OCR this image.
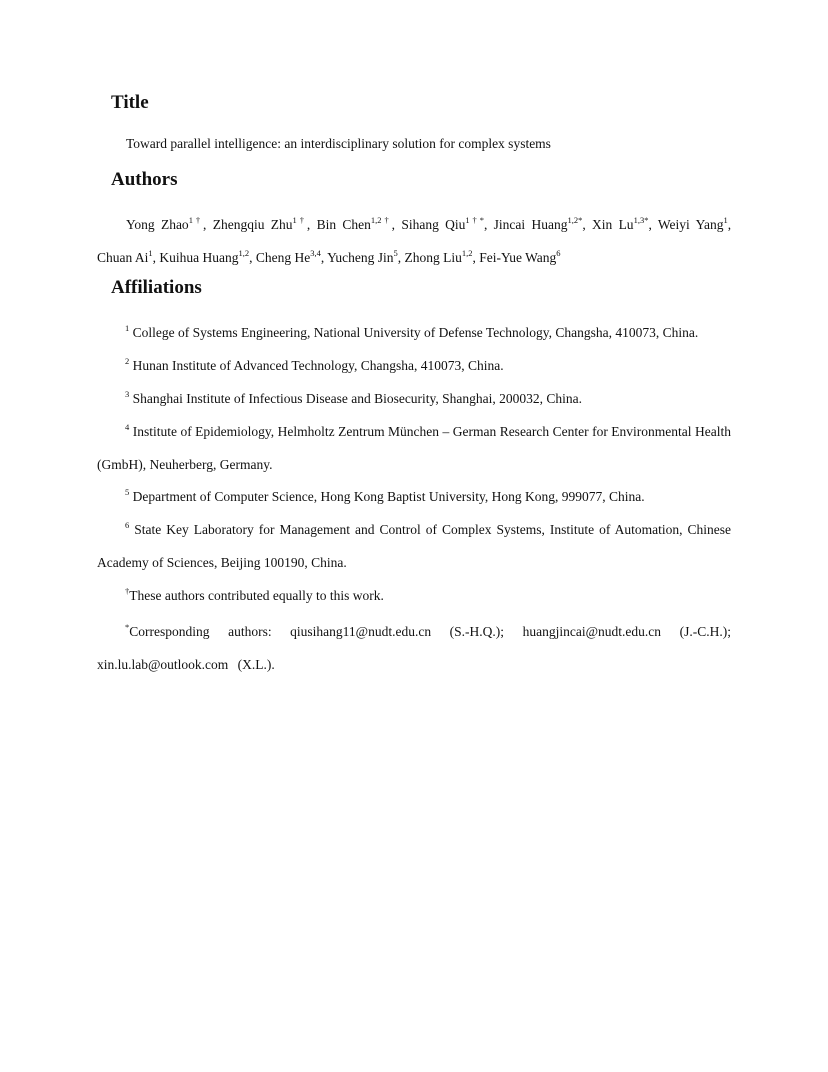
Title

Toward parallel intelligence: an interdisciplinary solution for complex systems

Authors

Yong Zhao$^{1\dagger}$, Zhengqiu Zhu$^{1\dagger}$, Bin Chen$^{1,2\dagger}$, Sihang Qiu$^{1\dagger*}$, Jincai Huang$^{1,2*}$, Xin $Lu^{1,3*}$, Weiyi Yang$^1$, Chuan Ai$^1$, Kuihua Huang$^{1,2}$, Cheng He$^{3,4}$, Yucheng Jin$^5$, Zhong Liu$^{1,2}$, Fei-Yue Wang$^6$

Affiliations

$^1$ College of Systems Engineering, National University of Defense Technology, Changsha, 410073, China.

$^2$ Hunan Institute of Advanced Technology, Changsha, 410073, China.

$^3$ Shanghai Institute of Infectious Disease and Biosecurity, Shanghai, 200032, China.

$^4$ Institute of Epidemiology, Helmholtz Zentrum München – German Research Center for Environmental Health (GmbH), Neuherberg, Germany.

$^5$ Department of Computer Science, Hong Kong Baptist University, Hong Kong, 999077, China.

$^6$ State Key Laboratory for Management and Control of Complex Systems, Institute of Automation, Chinese Academy of Sciences, Beijing 100190, China.

†These authors contributed equally to this work.

*Corresponding authors: qiusihang11@nudt.edu.cn (S.-H.Q.); huangjincai@nudt.edu.cn (J.-C.H.); xin.lu.lab@outlook.com (X.L.).
